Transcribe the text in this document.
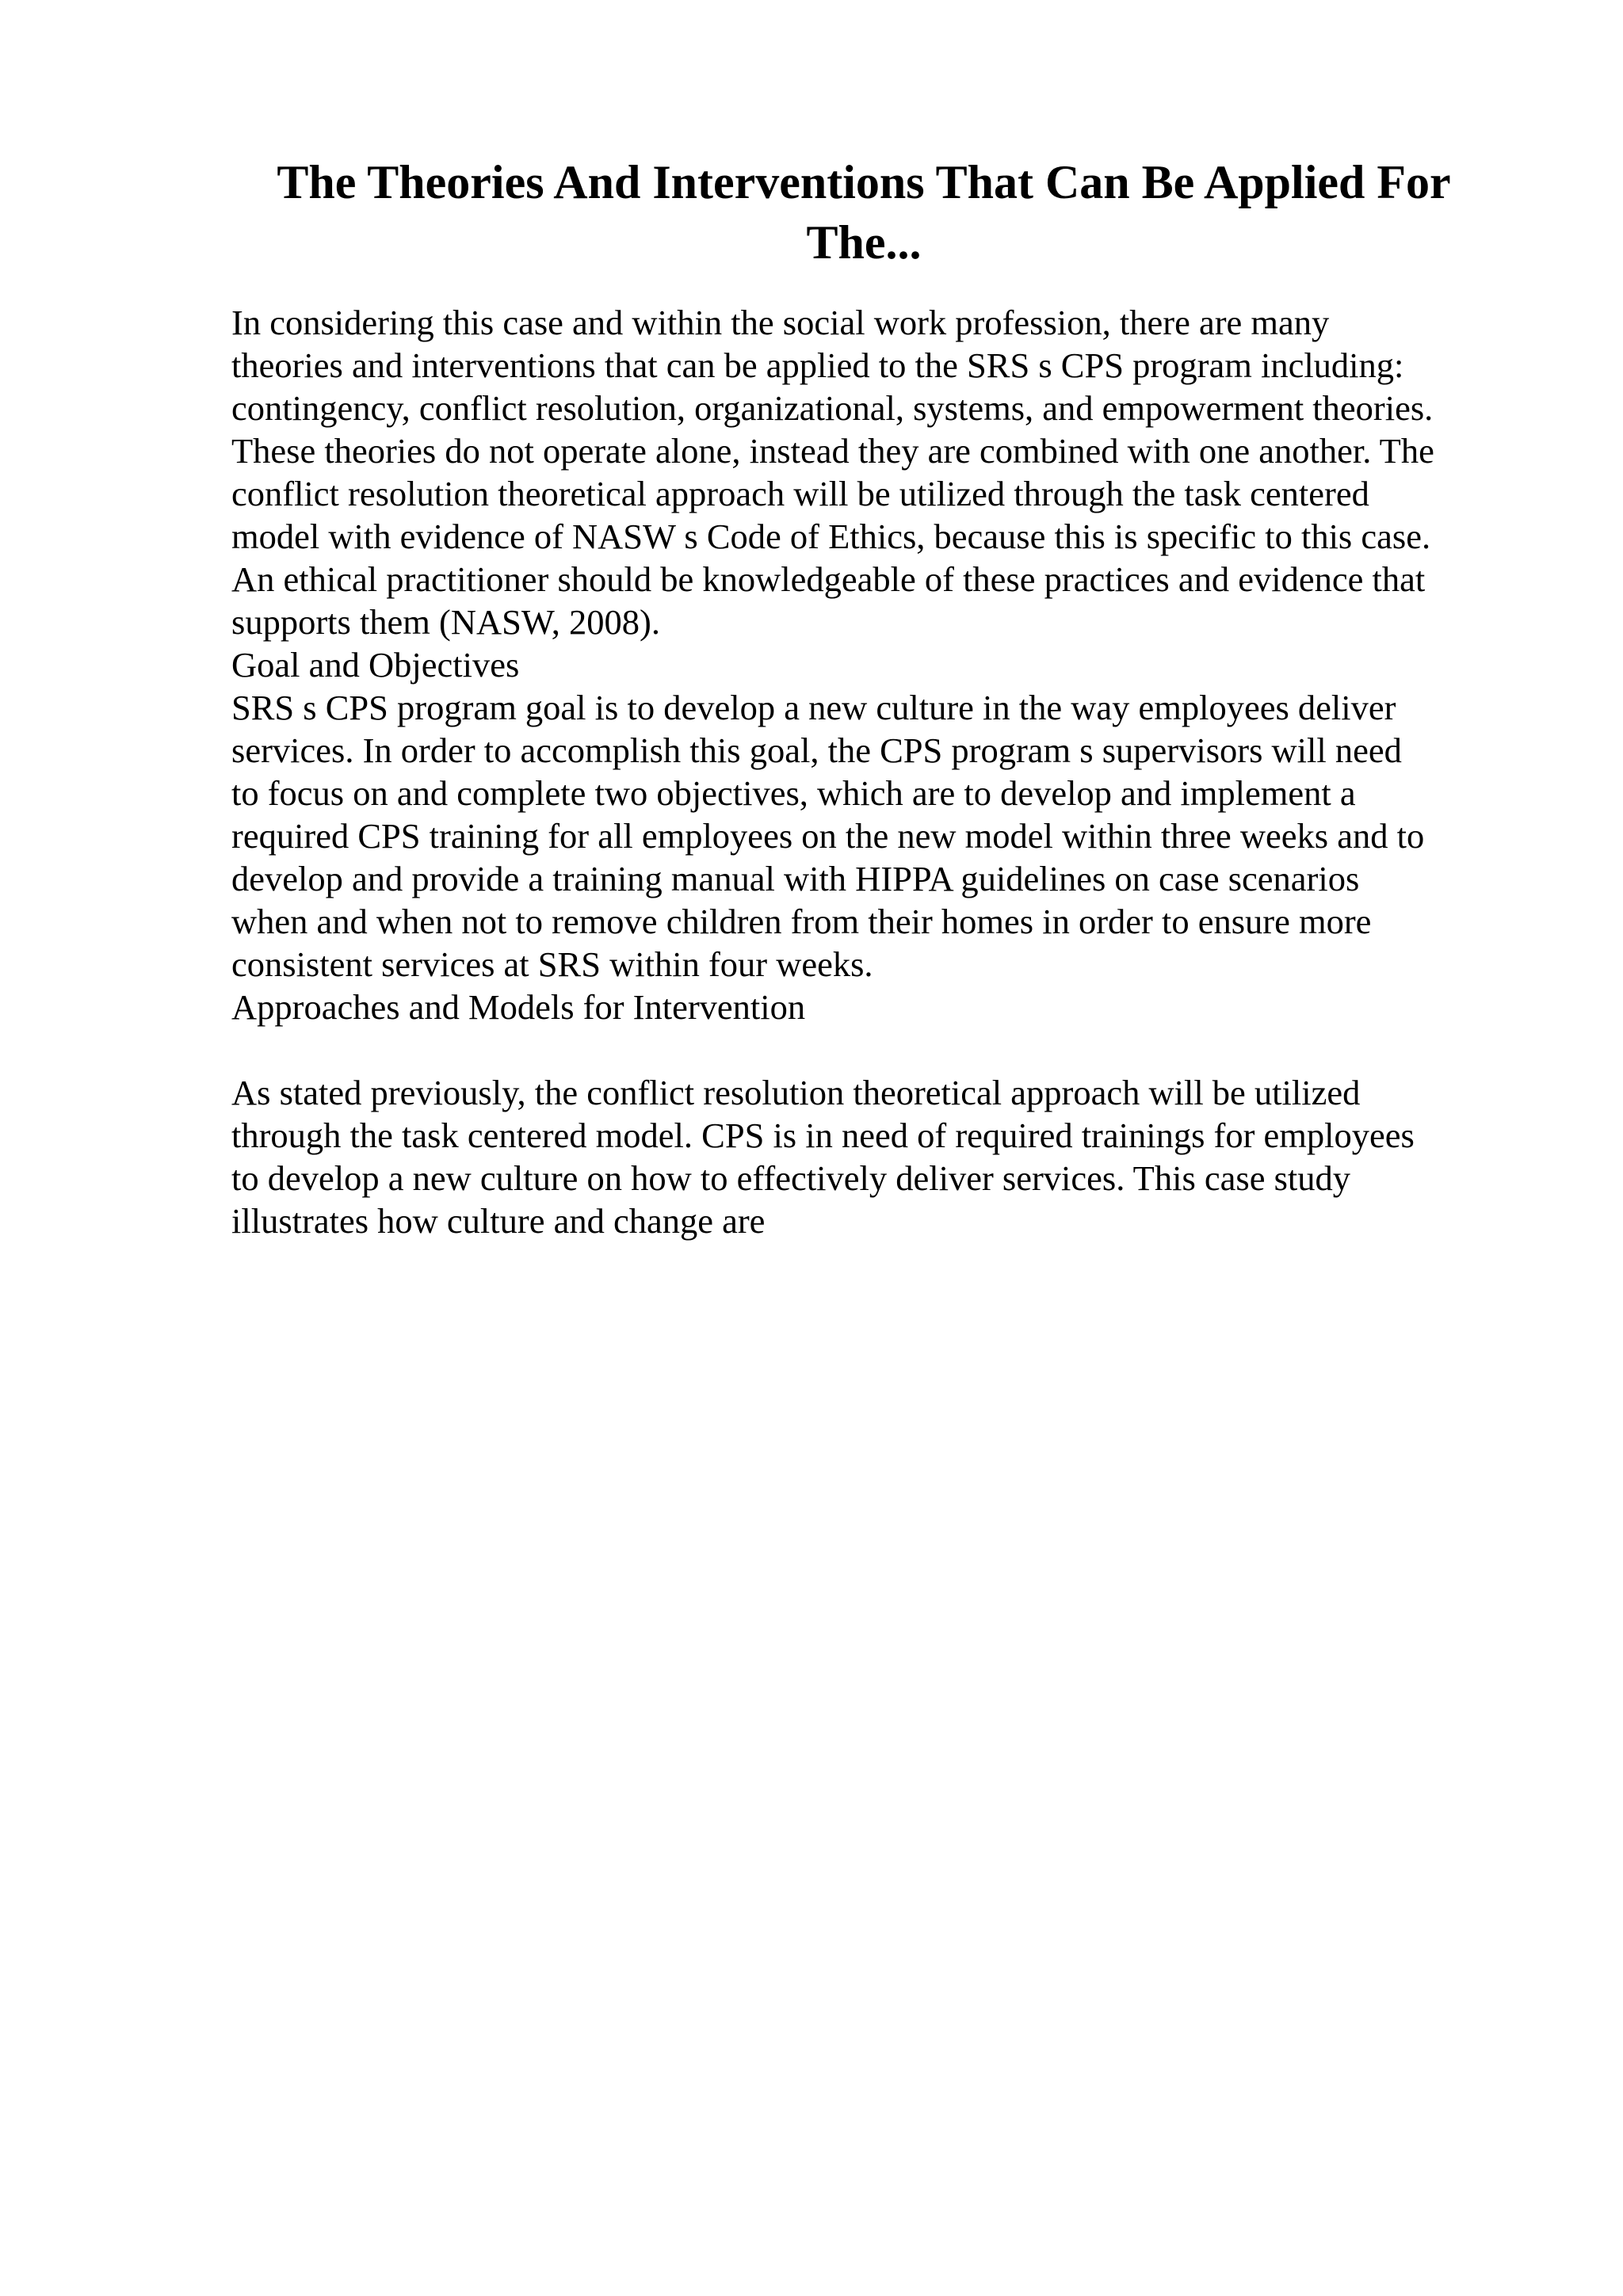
The Theories And Interventions That Can Be Applied For
The...
In considering this case and within the social work profession, there are many
theories and interventions that can be applied to the SRS s CPS program including:
contingency, conflict resolution, organizational, systems, and empowerment theories.
These theories do not operate alone, instead they are combined with one another. The
conflict resolution theoretical approach will be utilized through the task centered
model with evidence of NASW s Code of Ethics, because this is specific to this case.
An ethical practitioner should be knowledgeable of these practices and evidence that
supports them (NASW, 2008).
Goal and Objectives
SRS s CPS program goal is to develop a new culture in the way employees deliver
services. In order to accomplish this goal, the CPS program s supervisors will need
to focus on and complete two objectives, which are to develop and implement a
required CPS training for all employees on the new model within three weeks and to
develop and provide a training manual with HIPPA guidelines on case scenarios
when and when not to remove children from their homes in order to ensure more
consistent services at SRS within four weeks.
Approaches and Models for Intervention
As stated previously, the conflict resolution theoretical approach will be utilized
through the task centered model. CPS is in need of required trainings for employees
to develop a new culture on how to effectively deliver services. This case study
illustrates how culture and change are
